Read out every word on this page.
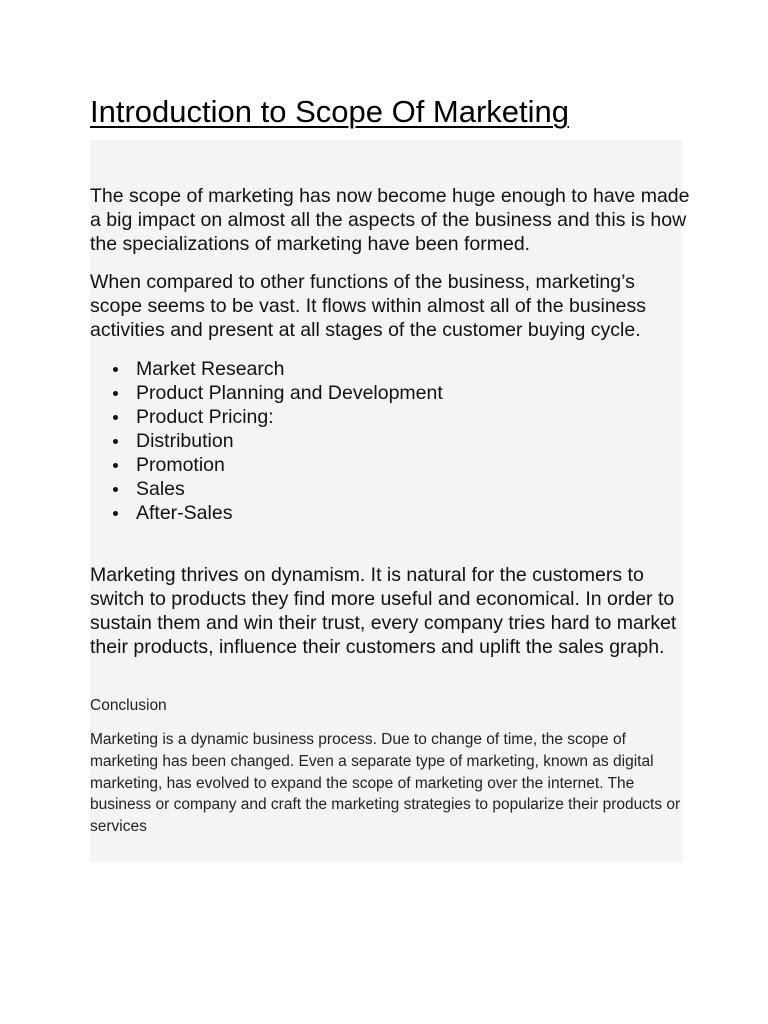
Introduction to Scope Of Marketing

The scope of marketing has now become huge enough to have made a big impact on almost all the aspects of the business and this is how the specializations of marketing have been formed.

When compared to other functions of the business, marketing’s scope seems to be vast. It flows within almost all of the business activities and present at all stages of the customer buying cycle.

Market Research
Product Planning and Development
Product Pricing:
Distribution
Promotion
Sales
After-Sales

Marketing thrives on dynamism. It is natural for the customers to switch to products they find more useful and economical. In order to sustain them and win their trust, every company tries hard to market their products, influence their customers and uplift the sales graph.

Conclusion

Marketing is a dynamic business process. Due to change of time, the scope of marketing has been changed. Even a separate type of marketing, known as digital marketing, has evolved to expand the scope of marketing over the internet. The business or company and craft the marketing strategies to popularize their products or services
